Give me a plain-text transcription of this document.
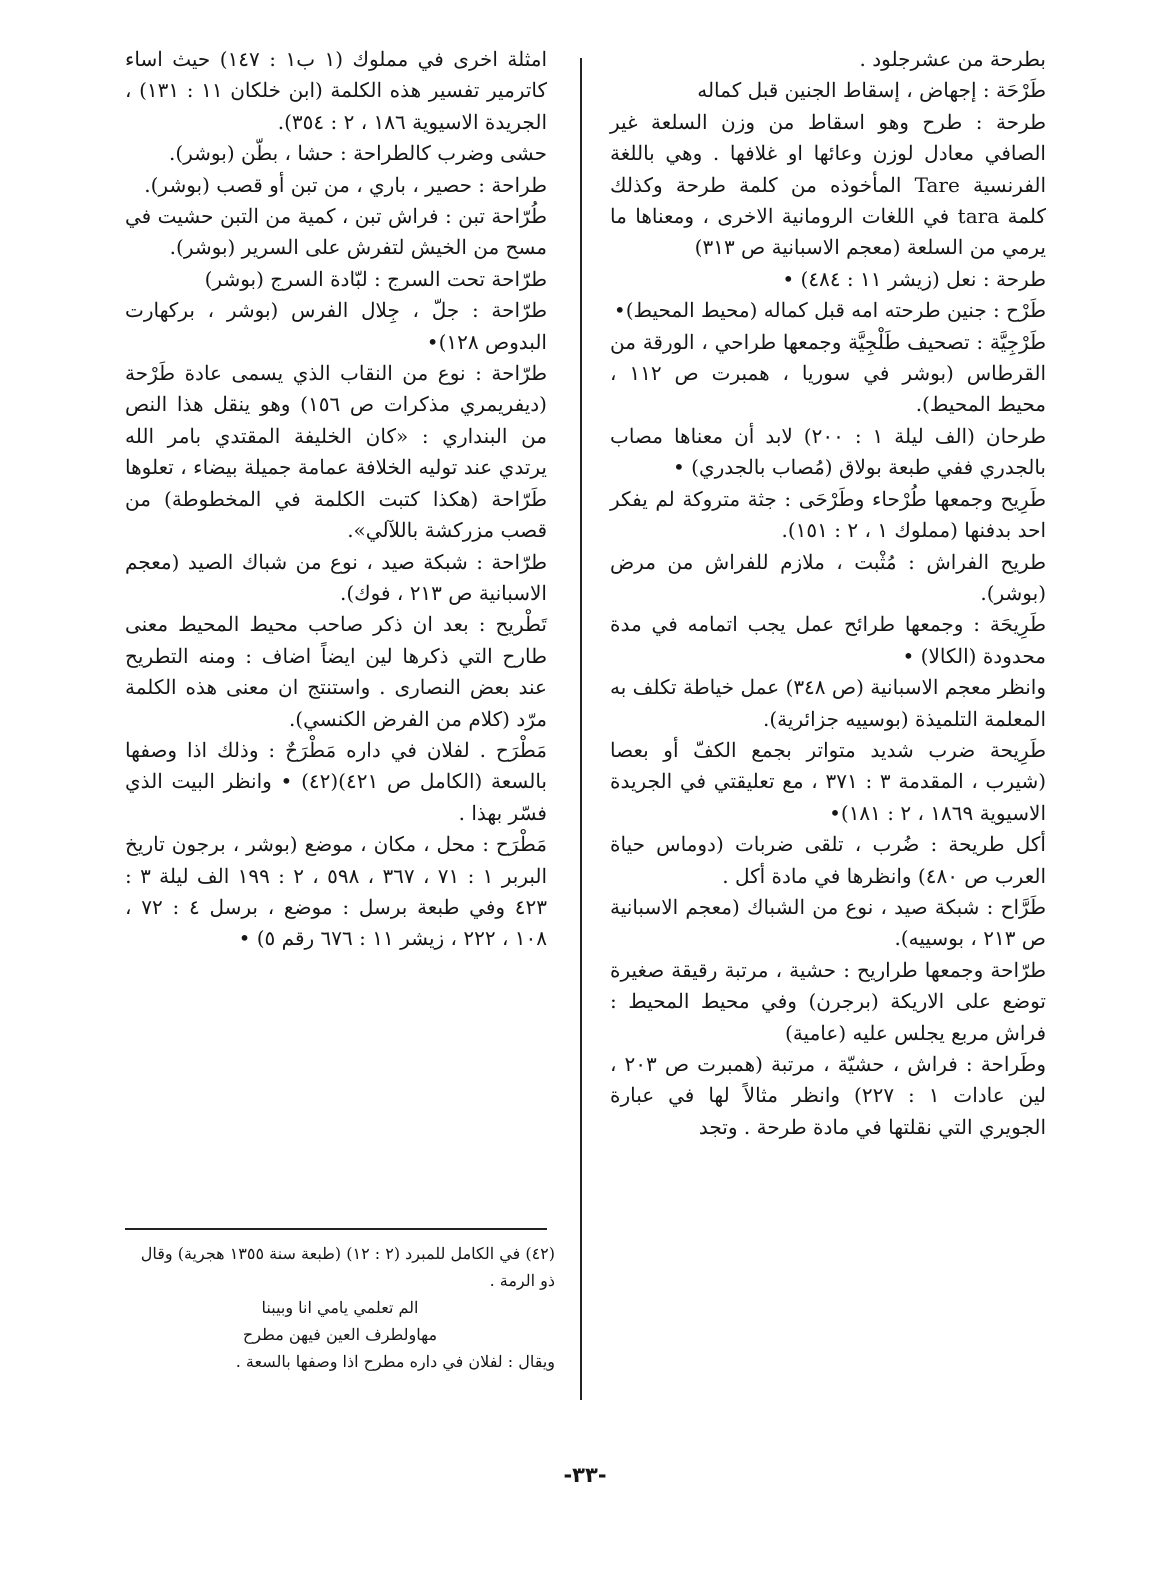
بطرحة من عشرجلود .

طَرْحَة : إجهاض ، إسقاط الجنين قبل كماله

طرحة : طرح وهو اسقاط من وزن السلعة غير الصافي معادل لوزن وعائها او غلافها . وهي باللغة الفرنسية Tare المأخوذه من كلمة طرحة وكذلك كلمة tara في اللغات الرومانية الاخرى ، ومعناها ما يرمي من السلعة (معجم الاسبانية ص ٣١٣)

طرحة : نعل (زيشر ١١ : ٤٨٤) •

طَرْح : جنين طرحته امه قبل كماله (محيط المحيط)•

طَرْجِيَّة : تصحيف طَلْجِيَّة وجمعها طراحي ، الورقة من القرطاس (بوشر في سوريا ، همبرت ص ١١٢ ، محيط المحيط).

طرحان (الف ليلة ١ : ٢٠٠) لابد أن معناها مصاب بالجدري ففي طبعة بولاق (مُصاب بالجدري) •

طَرِيح وجمعها طُرْحاء وطَرْحَى : جثة متروكة لم يفكر احد بدفنها (مملوك ١ ، ٢ : ١٥١).

طريح الفراش : مُثْبت ، ملازم للفراش من مرض (بوشر).

طَرِيحَة : وجمعها طرائح عمل يجب اتمامه في مدة محدودة (الكالا) •

وانظر معجم الاسبانية (ص ٣٤٨) عمل خياطة تكلف به المعلمة التلميذة (بوسييه جزائرية).

طَرِيحة ضرب شديد متواتر بجمع الكفّ أو بعصا (شيرب ، المقدمة ٣ : ٣٧١ ، مع تعليقتي في الجريدة الاسيوية ١٨٦٩ ، ٢ : ١٨١)•

أكل طريحة : ضُرب ، تلقى ضربات (دوماس حياة العرب ص ٤٨٠) وانظرها في مادة أكل .

طَرَّاح : شبكة صيد ، نوع من الشباك (معجم الاسبانية ص ٢١٣ ، بوسييه).

طرّاحة وجمعها طراريح : حشية ، مرتبة رقيقة صغيرة توضع على الاريكة (برجرن) وفي محيط المحيط : فراش مربع يجلس عليه (عامية)

وطَراحة : فراش ، حشيّة ، مرتبة (همبرت ص ٢٠٣ ، لين عادات ١ : ٢٢٧) وانظر مثالاً لها في عبارة الجويري التي نقلتها في مادة طرحة . وتجد

امثلة اخرى في مملوك (١ ب١ : ١٤٧) حيث اساء كاترمير تفسير هذه الكلمة (ابن خلكان ١١ : ١٣١) ، الجريدة الاسيوية ١٨٦ ، ٢ : ٣٥٤).

حشى وضرب كالطراحة : حشا ، بطّن (بوشر).

طراحة : حصير ، باري ، من تبن أو قصب (بوشر).

طُرّاحة تبن : فراش تبن ، كمية من التبن حشيت في مسح من الخيش لتفرش على السرير (بوشر).

طرّاحة تحت السرج : لبّادة السرج (بوشر)

طرّاحة : جلّ ، جِلال الفرس (بوشر ، بركهارت البدوص ١٢٨)•

طرّاحة : نوع من النقاب الذي يسمى عادة طَرْحة (ديفريمري مذكرات ص ١٥٦) وهو ينقل هذا النص من البنداري : «كان الخليفة المقتدي بامر الله يرتدي عند توليه الخلافة عمامة جميلة بيضاء ، تعلوها طَرّاحة (هكذا كتبت الكلمة في المخطوطة) من قصب مزركشة باللآلي».

طرّاحة : شبكة صيد ، نوع من شباك الصيد (معجم الاسبانية ص ٢١٣ ، فوك).

تَطْريح : بعد ان ذكر صاحب محيط المحيط معنى طارح التي ذكرها لين ايضاً اضاف : ومنه التطريح عند بعض النصارى . واستنتج ان معنى هذه الكلمة مرّد (كلام من الفرض الكنسي).

مَطْرَح . لفلان في داره مَطْرَحٌ : وذلك اذا وصفها بالسعة (الكامل ص ٤٢١)(٤٢) • وانظر البيت الذي فسّر بهذا .

مَطْرَح : محل ، مكان ، موضع (بوشر ، برجون تاريخ البربر ١ : ٧١ ، ٣٦٧ ، ٥٩٨ ، ٢ : ١٩٩ الف ليلة ٣ : ٤٢٣ وفي طبعة برسل : موضع ، برسل ٤ : ٧٢ ، ١٠٨ ، ٢٢٢ ، زيشر ١١ : ٦٧٦ رقم ٥) •

(٤٢) في الكامل للمبرد (٢ : ١٢) (طبعة سنة ١٣٥٥ هجرية) وقال ذو الرمة .

الم تعلمي يامي انا وبيبنا

مهاولطرف العين فيهن مطرح

ويقال : لفلان في داره مطرح اذا وصفها بالسعة .

-٣٣-
